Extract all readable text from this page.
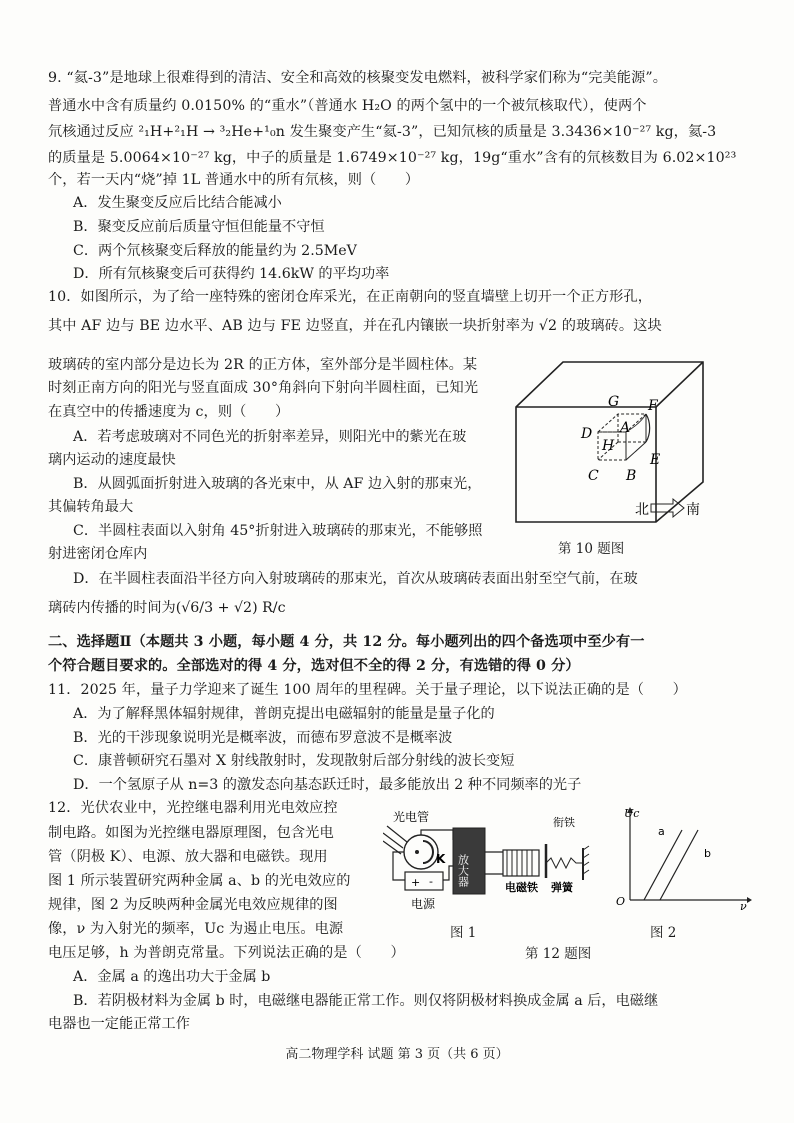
9. “氦-3”是地球上很难得到的清洁、安全和高效的核聚变发电燃料，被科学家们称为“完美能源”。
普通水中含有质量约 0.0150% 的“重水”（普通水 H₂O 的两个氢中的一个被氘核取代），使两个
氘核通过反应 ²₁H+²₁H → ³₂He+¹₀n 发生聚变产生“氦-3”，已知氘核的质量是 3.3436×10⁻²⁷ kg，氦-3
的质量是 5.0064×10⁻²⁷ kg，中子的质量是 1.6749×10⁻²⁷ kg，19g“重水”含有的氘核数目为 6.02×10²³
个，若一天内“烧”掉 1L 普通水中的所有氘核，则（　　）
A．发生聚变反应后比结合能减小
B．聚变反应前后质量守恒但能量不守恒
C．两个氘核聚变后释放的能量约为 2.5MeV
D．所有氘核聚变后可获得约 14.6kW 的平均功率
10．如图所示，为了给一座特殊的密闭仓库采光，在正南朝向的竖直墙壁上切开一个正方形孔，
其中 AF 边与 BE 边水平、AB 边与 FE 边竖直，并在孔内镶嵌一块折射率为 √2 的玻璃砖。这块
玻璃砖的室内部分是边长为 2R 的正方体，室外部分是半圆柱体。某
时刻正南方向的阳光与竖直面成 30°角斜向下射向半圆柱面，已知光
在真空中的传播速度为 c，则（　　）
A．若考虑玻璃对不同色光的折射率差异，则阳光中的紫光在玻
璃内运动的速度最快
B．从圆弧面折射进入玻璃的各光束中，从 AF 边入射的那束光，
其偏转角最大
C．半圆柱表面以入射角 45°折射进入玻璃砖的那束光，不能够照
射进密闭仓库内
D．在半圆柱表面沿半径方向入射玻璃砖的那束光，首次从玻璃砖表面出射至空气前，在玻
璃砖内传播的时间为(√6/3 + √2) R/c
G F
A
D
H
C B
E
北	南
第 10 题图
二、选择题Ⅱ（本题共 3 小题，每小题 4 分，共 12 分。每小题列出的四个备选项中至少有一
个符合题目要求的。全部选对的得 4 分，选对但不全的得 2 分，有选错的得 0 分）
11．2025 年，量子力学迎来了诞生 100 周年的里程碑。关于量子理论，以下说法正确的是（　　）
A．为了解释黑体辐射规律，普朗克提出电磁辐射的能量是量子化的
B．光的干涉现象说明光是概率波，而德布罗意波不是概率波
C．康普顿研究石墨对 X 射线散射时，发现散射后部分射线的波长变短
D．一个氢原子从 n=3 的激发态向基态跃迁时，最多能放出 2 种不同频率的光子
12．光伏农业中，光控继电器利用光电效应控
制电路。如图为光控继电器原理图，包含光电
管（阴极 K）、电源、放大器和电磁铁。现用
图 1 所示装置研究两种金属 a、b 的光电效应的
规律，图 2 为反映两种金属光电效应规律的图
像，ν 为入射光的频率，Uc 为遏止电压。电源
电压足够，h 为普朗克常量。下列说法正确的是（　　）
A．金属 a 的逸出功大于金属 b
B．若阴极材料为金属 b 时，电磁继电器能正常工作。则仅将阴极材料换成金属 a 后，电磁继
电器也一定能正常工作
光电管
K
+ -
电源
放大器
电磁铁
衔铁
弹簧
图 1
第 12 题图
Uc
ν
O
a
b
图 2
高二物理学科 试题 第 3 页（共 6 页）
